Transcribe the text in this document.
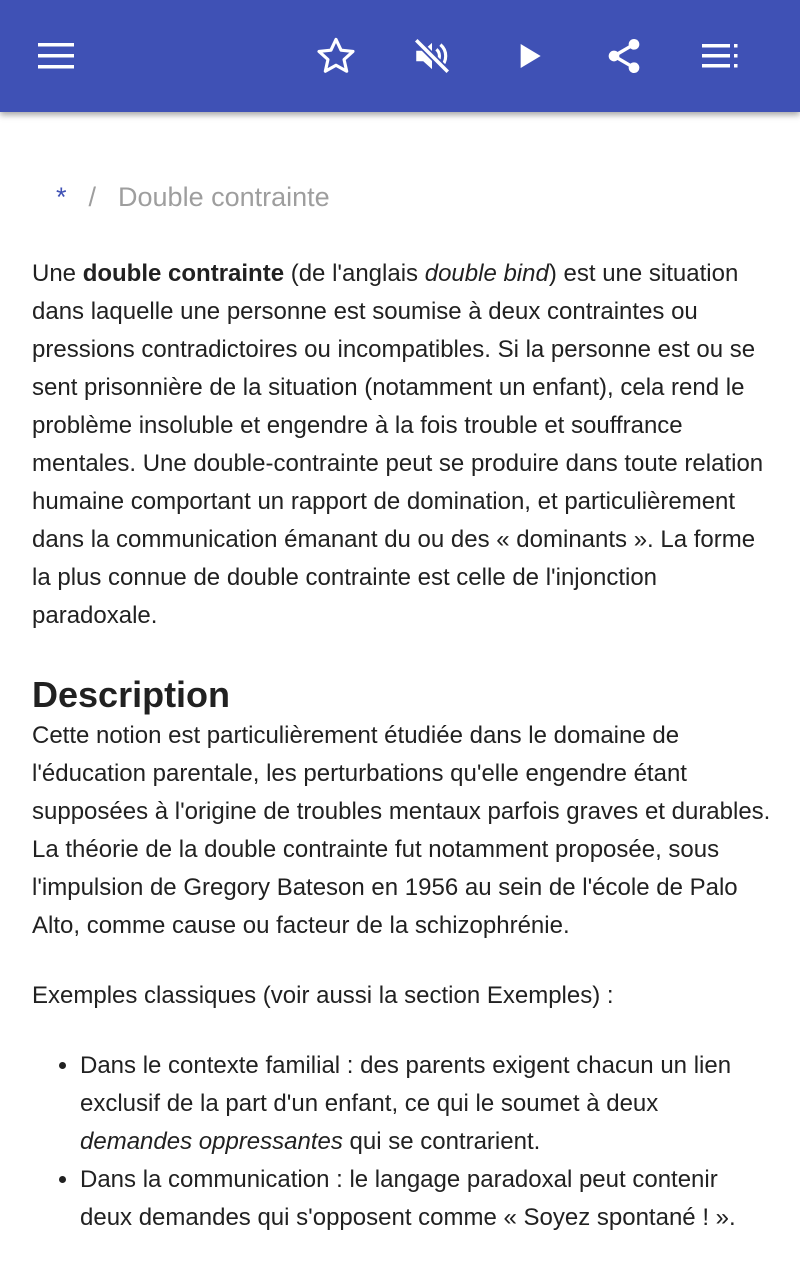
* / Double contrainte

Une double contrainte (de l'anglais double bind) est une situation dans laquelle une personne est soumise à deux contraintes ou pressions contradictoires ou incompatibles. Si la personne est ou se sent prisonnière de la situation (notamment un enfant), cela rend le problème insoluble et engendre à la fois trouble et souffrance mentales. Une double-contrainte peut se produire dans toute relation humaine comportant un rapport de domination, et particulièrement dans la communication émanant du ou des « dominants ». La forme la plus connue de double contrainte est celle de l'injonction paradoxale.

Description

Cette notion est particulièrement étudiée dans le domaine de l'éducation parentale, les perturbations qu'elle engendre étant supposées à l'origine de troubles mentaux parfois graves et durables. La théorie de la double contrainte fut notamment proposée, sous l'impulsion de Gregory Bateson en 1956 au sein de l'école de Palo Alto, comme cause ou facteur de la schizophrénie.

Exemples classiques (voir aussi la section Exemples) :

• Dans le contexte familial : des parents exigent chacun un lien exclusif de la part d'un enfant, ce qui le soumet à deux demandes oppressantes qui se contrarient.
• Dans la communication : le langage paradoxal peut contenir deux demandes qui s'opposent comme « Soyez spontané ! ».
